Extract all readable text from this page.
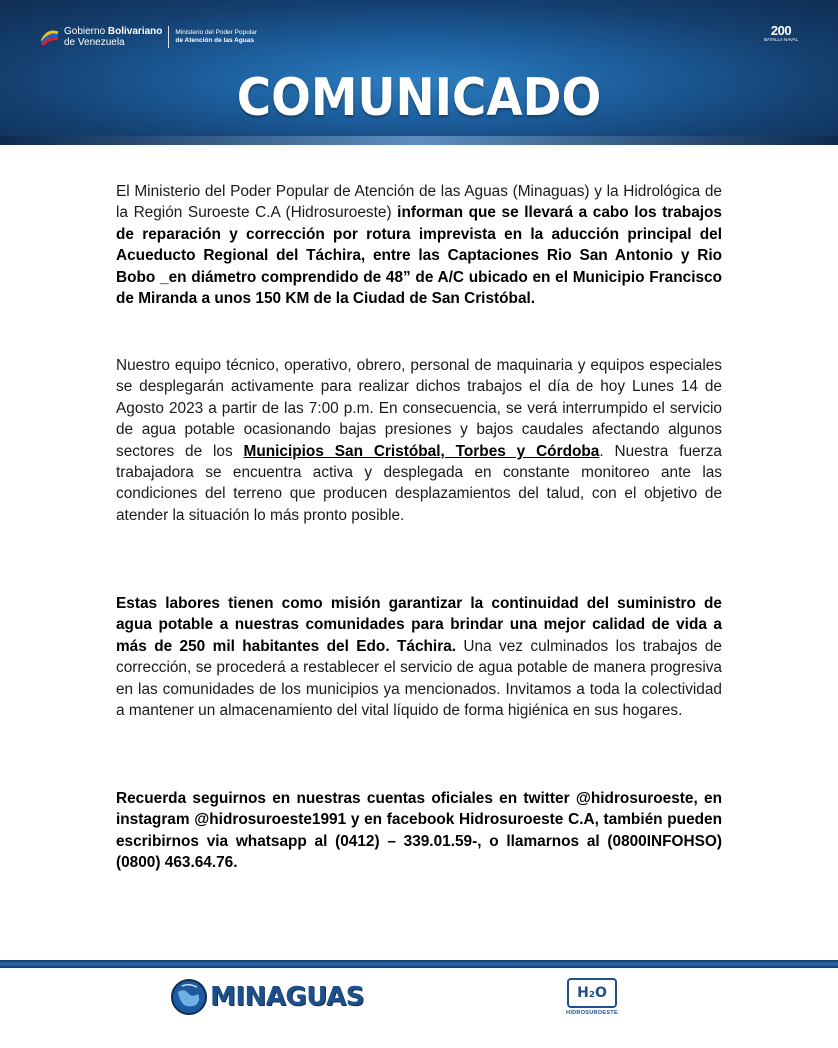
Gobierno Bolivariano
de Venezuela
Ministerio del Poder Popular
de Atención de las Aguas
200
BATALLA NAVAL
COMUNICADO
El Ministerio del Poder Popular de Atención de las Aguas (Minaguas) y la Hidrológica de la Región Suroeste C.A (Hidrosuroeste) informan que se llevará a cabo los trabajos de reparación y corrección por rotura imprevista en la aducción principal del Acueducto Regional del Táchira, entre las Captaciones Rio San Antonio y Rio Bobo _en diámetro comprendido de 48” de A/C ubicado en el Municipio Francisco de Miranda a unos 150 KM de la Ciudad de San Cristóbal.
Nuestro equipo técnico, operativo, obrero, personal de maquinaria y equipos especiales se desplegarán activamente para realizar dichos trabajos el día de hoy Lunes 14 de Agosto 2023 a partir de las 7:00 p.m. En consecuencia, se verá interrumpido el servicio de agua potable ocasionando bajas presiones y bajos caudales afectando algunos sectores de los Municipios San Cristóbal, Torbes y Córdoba. Nuestra fuerza trabajadora se encuentra activa y desplegada en constante monitoreo ante las condiciones del terreno que producen desplazamientos del talud, con el objetivo de atender la situación lo más pronto posible.
Estas labores tienen como misión garantizar la continuidad del suministro de agua potable a nuestras comunidades para brindar una mejor calidad de vida a más de 250 mil habitantes del Edo. Táchira. Una vez culminados los trabajos de corrección, se procederá a restablecer el servicio de agua potable de manera progresiva en las comunidades de los municipios ya mencionados. Invitamos a toda la colectividad a mantener un almacenamiento del vital líquido de forma higiénica en sus hogares.
Recuerda seguirnos en nuestras cuentas oficiales en twitter @hidrosuroeste, en instagram @hidrosuroeste1991 y en facebook Hidrosuroeste C.A, también pueden escribirnos via whatsapp al (0412) – 339.01.59-, o llamarnos al (0800INFOHSO) (0800) 463.64.76.
MINAGUAS	H₂O
HIDROSUROESTE
